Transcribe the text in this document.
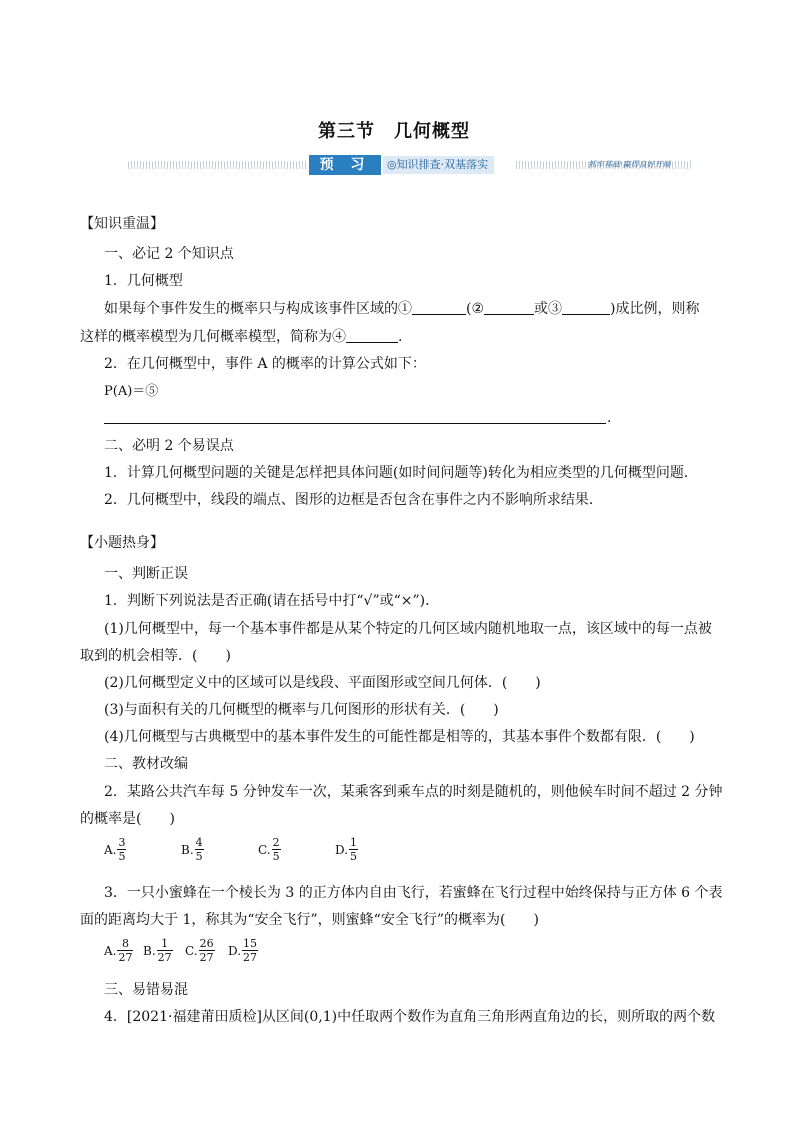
第三节　几何概型
预 习	◎知识排查·双基落实	抓牢基础·赢得良好开端
【知识重温】
一、必记 2 个知识点
1．几何概型
如果每个事件发生的概率只与构成该事件区域的①	(②	或③	)成比例，则称
这样的概率模型为几何概率模型，简称为④	.
2．在几何概型中，事件 A 的概率的计算公式如下：
P(A)＝⑤
.
二、必明 2 个易误点
1．计算几何概型问题的关键是怎样把具体问题(如时间问题等)转化为相应类型的几何概型问题．
2．几何概型中，线段的端点、图形的边框是否包含在事件之内不影响所求结果．
【小题热身】
一、判断正误
1．判断下列说法是否正确(请在括号中打“√”或“×”)．
(1)几何概型中，每一个基本事件都是从某个特定的几何区域内随机地取一点，该区域中的每一点被
取到的机会相等．(　　)
(2)几何概型定义中的区域可以是线段、平面图形或空间几何体．(　　)
(3)与面积有关的几何概型的概率与几何图形的形状有关．(　　)
(4)几何概型与古典概型中的基本事件发生的可能性都是相等的，其基本事件个数都有限．(　　)
二、教材改编
2．某路公共汽车每 5 分钟发车一次，某乘客到乘车点的时刻是随机的，则他候车时间不超过 2 分钟
的概率是(　　)
A. $\frac{3}{5}$	B. $\frac{4}{5}$	C. $\frac{2}{5}$	D. $\frac{1}{5}$
3．一只小蜜蜂在一个棱长为 3 的正方体内自由飞行，若蜜蜂在飞行过程中始终保持与正方体 6 个表
面的距离均大于 1，称其为“安全飞行”，则蜜蜂“安全飞行”的概率为(　　)
A. $\frac{8}{27} B$. $\frac{1}{27} C$. $\frac{26}{27} D$. $\frac{15}{27}$
三、易错易混
4．[2021·福建莆田质检]从区间(0,1)中任取两个数作为直角三角形两直角边的长，则所取的两个数
